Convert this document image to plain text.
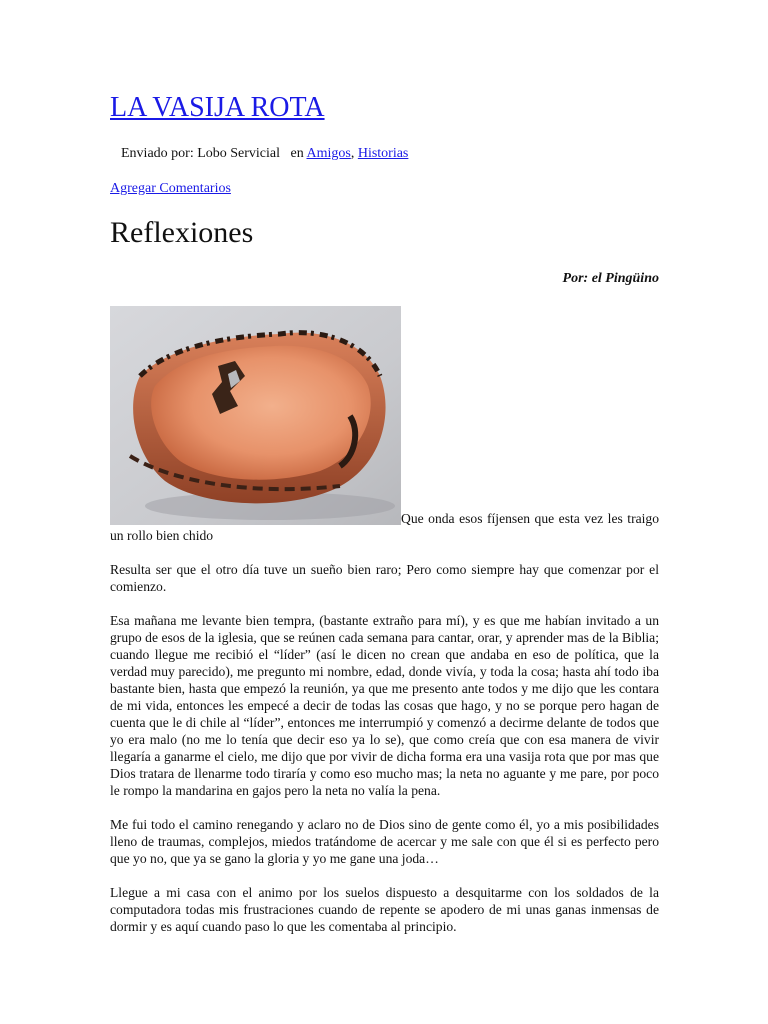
LA VASIJA ROTA
Enviado por: Lobo Servicial en Amigos, Historias
Agregar Comentarios
Reflexiones
Por: el Pingüino

Que onda esos fíjensen que esta vez les traigo un rollo bien chido

Resulta ser que el otro día tuve un sueño bien raro; Pero como siempre hay que comenzar por el comienzo.

Esa mañana me levante bien tempra, (bastante extraño para mí), y es que me habían invitado a un grupo de esos de la iglesia, que se reúnen cada semana para cantar, orar, y aprender mas de la Biblia; cuando llegue me recibió el “líder” (así le dicen no crean que andaba en eso de política, que la verdad muy parecido), me pregunto mi nombre, edad, donde vivía, y toda la cosa; hasta ahí todo iba bastante bien, hasta que empezó la reunión, ya que me presento ante todos y me dijo que les contara de mi vida, entonces les empecé a decir de todas las cosas que hago, y no se porque pero hagan de cuenta que le di chile al “líder”, entonces me interrumpió y comenzó a decirme delante de todos que yo era malo (no me lo tenía que decir eso ya lo se), que como creía que con esa manera de vivir llegaría a ganarme el cielo, me dijo que por vivir de dicha forma era una vasija rota que por mas que Dios tratara de llenarme todo tiraría y como eso mucho mas; la neta no aguante y me pare, por poco le rompo la mandarina en gajos pero la neta no valía la pena.

Me fui todo el camino renegando y aclaro no de Dios sino de gente como él, yo a mis posibilidades lleno de traumas, complejos, miedos tratándome de acercar y me sale con que él si es perfecto pero que yo no, que ya se gano la gloria y yo me gane una joda…

Llegue a mi casa con el animo por los suelos dispuesto a desquitarme con los soldados de la computadora todas mis frustraciones cuando de repente se apodero de mi unas ganas inmensas de dormir y es aquí cuando paso lo que les comentaba al principio.
